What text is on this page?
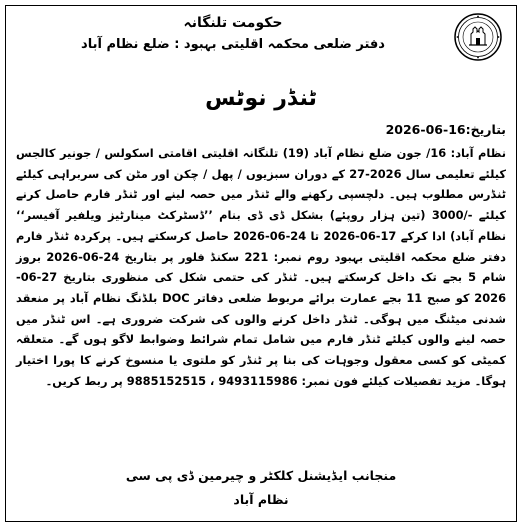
حکومت تلنگانہ
دفتر ضلعی محکمہ اقلیتی بہبود : ضلع نظام آباد
ٹنڈر نوٹس
بتاریخ:16-06-2026
نظام آباد: 16/ جون ضلع نظام آباد (19) تلنگانہ اقلیتی اقامتی اسکولس / جونیر کالجس کیلئے تعلیمی سال 2026-27 کے دوران سبزیوں / پھل / چکن اور مٹن کی سربراہی کیلئے ٹنڈرس مطلوب ہیں۔ دلچسپی رکھنے والے ٹنڈر میں حصہ لینے اور ٹنڈر فارم حاصل کرنے کیلئے -/3000 (تین ہزار روپئے) بشکل ڈی ڈی بنام ’’ڈسٹرکٹ مینارٹیز ویلفیر آفیسر‘‘ نظام آباد) ادا کرکے 17-06-2026 تا 24-06-2026 حاصل کرسکتے ہیں۔ پرکردہ ٹنڈر فارم دفتر ضلع محکمہ اقلیتی بہبود روم نمبر: 221 سکنڈ فلور پر بتاریخ 24-06-2026 بروز شام 5 بجے تک داخل کرسکتے ہیں۔ ٹنڈر کی حتمی شکل کی منظوری بتاریخ 27-06-2026 کو صبح 11 بجے عمارت برائے مربوط ضلعی دفاتر DOC بلڈنگ نظام آباد پر منعقد شدنی میٹنگ میں ہوگی۔ ٹنڈر داخل کرنے والوں کی شرکت ضروری ہے۔ اس ٹنڈر میں حصہ لینے والوں کیلئے ٹنڈر فارم میں شامل تمام شرائط وضوابط لاگو ہوں گے۔ متعلقہ کمیٹی کو کسی معقول وجوہات کی بنا پر ٹنڈر کو ملتوی یا منسوخ کرنے کا پورا اختیار ہوگا۔ مزید تفصیلات کیلئے فون نمبر: 9493115986 ، 9885152515 پر ربط کریں۔
منجانب ایڈیشنل کلکٹر و چیرمین ڈی پی سی
نظام آباد
